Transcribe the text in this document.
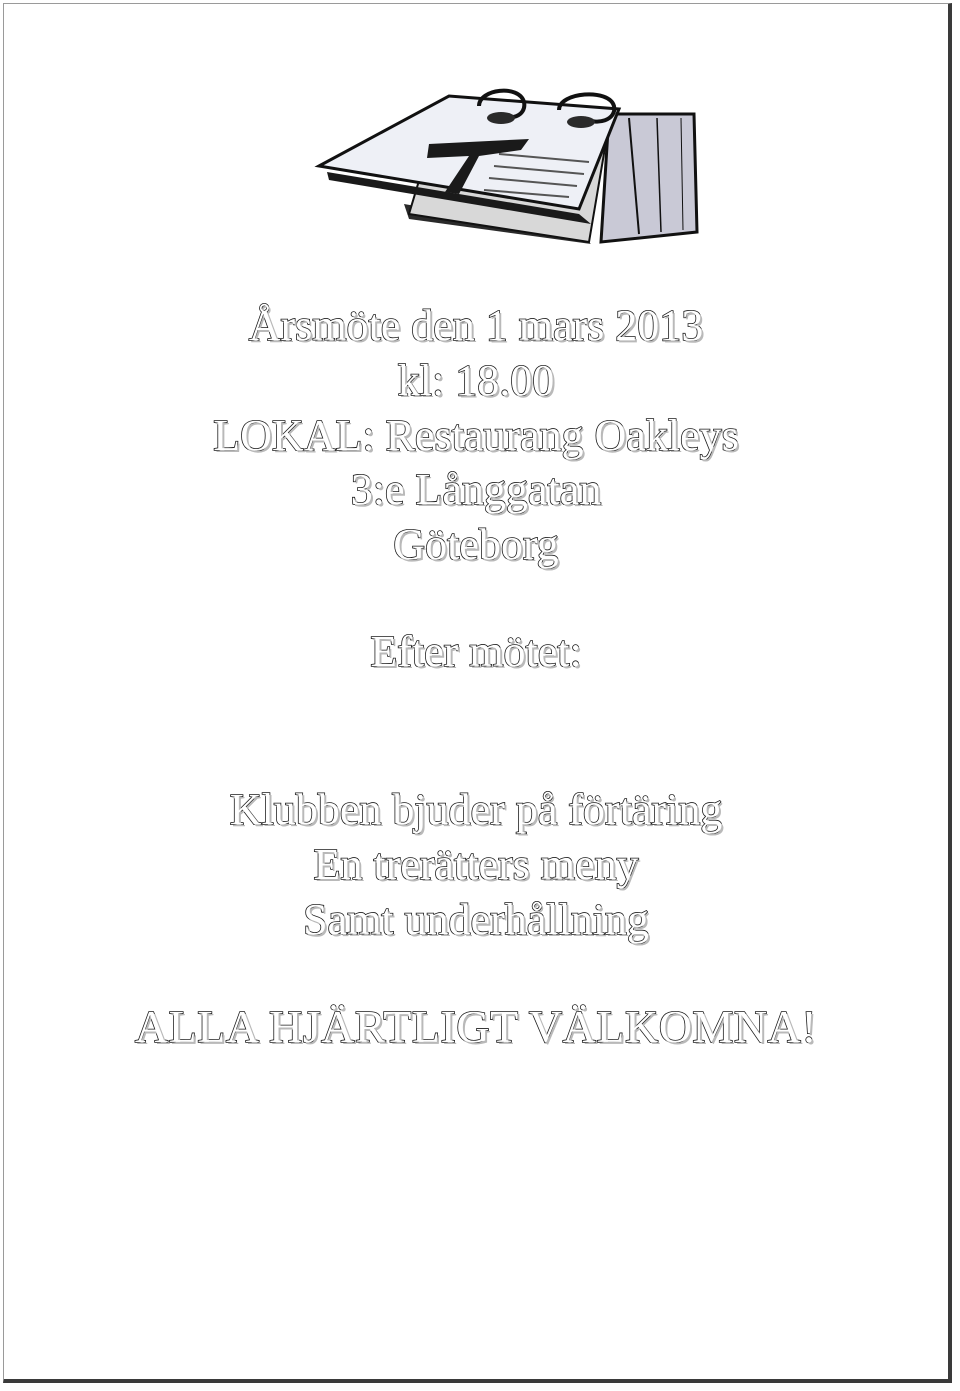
Årsmöte den 1 mars 2013
kl: 18.00
LOKAL: Restaurang Oakleys
3:e Långgatan
Göteborg
Efter mötet:
Klubben bjuder på förtäring
En trerätters meny
Samt underhållning
ALLA HJÄRTLIGT VÄLKOMNA!
